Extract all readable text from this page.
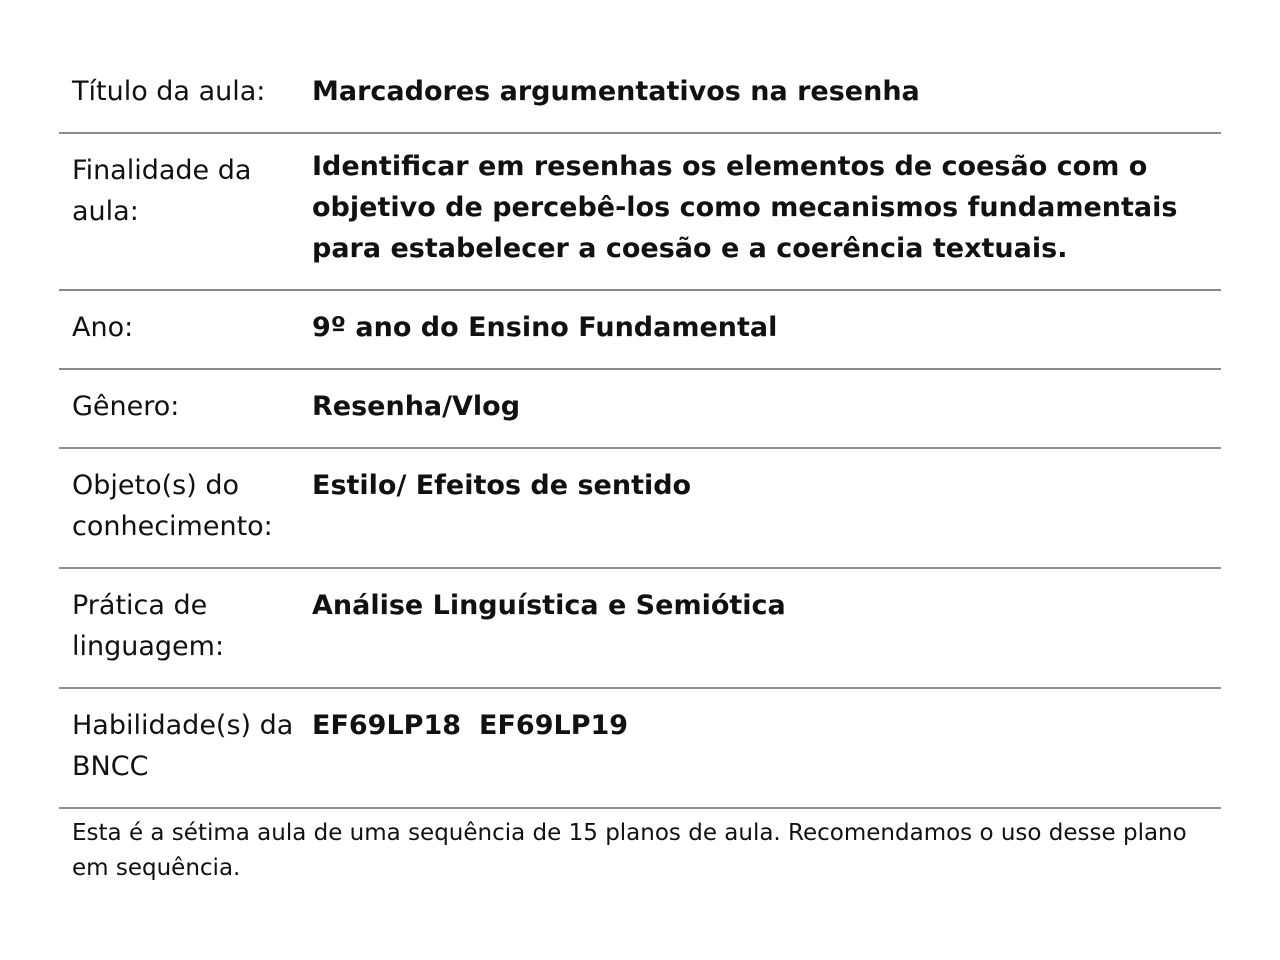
Título da aula:	Marcadores argumentativos na resenha
Finalidade da aula:	Identificar em resenhas os elementos de coesão com o objetivo de percebê-los como mecanismos fundamentais para estabelecer a coesão e a coerência textuais.
Ano:	9º ano do Ensino Fundamental
Gênero:	Resenha/Vlog
Objeto(s) do conhecimento:	Estilo/ Efeitos de sentido
Prática de linguagem:	Análise Linguística e Semiótica
Habilidade(s) da BNCC	EF69LP18 EF69LP19
Esta é a sétima aula de uma sequência de 15 planos de aula. Recomendamos o uso desse plano em sequência.
